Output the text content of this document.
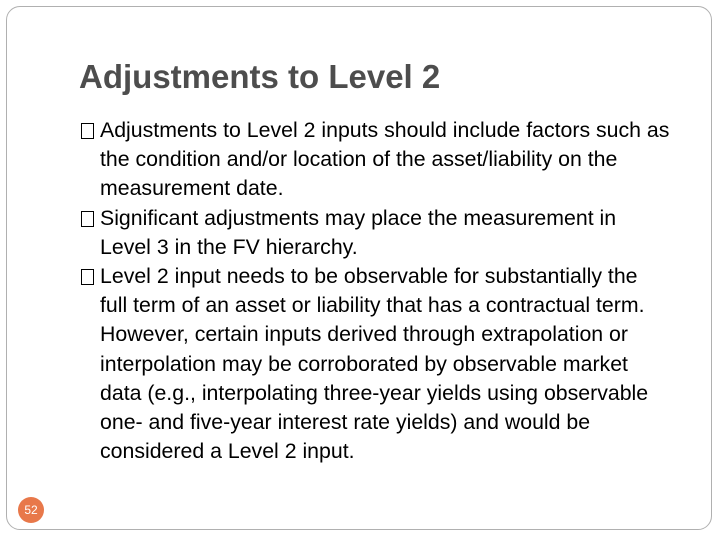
Adjustments to Level 2
Adjustments to Level 2 inputs should include factors such as the condition and/or location of the asset/liability on the measurement date.
Significant adjustments may place the measurement in Level 3 in the FV hierarchy.
Level 2 input needs to be observable for substantially the full term of an asset or liability that has a contractual term. However, certain inputs derived through extrapolation or interpolation may be corroborated by observable market data (e.g., interpolating three-year yields using observable one- and five-year interest rate yields) and would be considered a Level 2 input.
52
